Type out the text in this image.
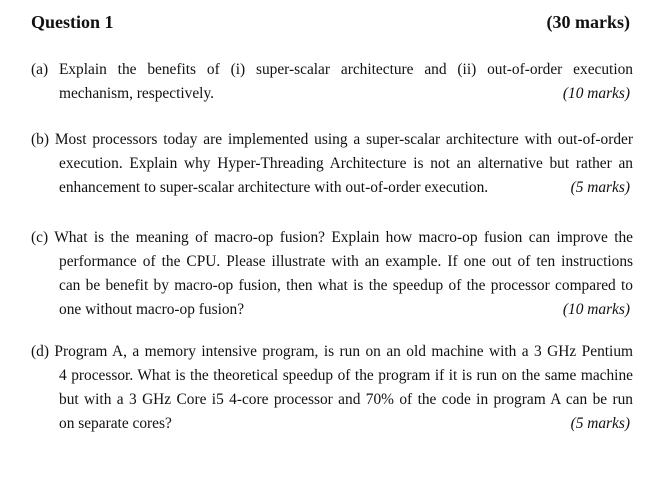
Question 1	(30 marks)
(a) Explain the benefits of (i) super-scalar architecture and (ii) out-of-order execution
mechanism, respectively.	(10 marks)
(b) Most processors today are implemented using a super-scalar architecture with out-of-order
execution. Explain why Hyper-Threading Architecture is not an alternative but rather an
enhancement to super-scalar architecture with out-of-order execution.	(5 marks)
(c) What is the meaning of macro-op fusion? Explain how macro-op fusion can improve the
performance of the CPU. Please illustrate with an example. If one out of ten instructions
can be benefit by macro-op fusion, then what is the speedup of the processor compared to
one without macro-op fusion?	(10 marks)
(d) Program A, a memory intensive program, is run on an old machine with a 3 GHz Pentium
4 processor. What is the theoretical speedup of the program if it is run on the same machine
but with a 3 GHz Core i5 4-core processor and 70% of the code in program A can be run
on separate cores?	(5 marks)
